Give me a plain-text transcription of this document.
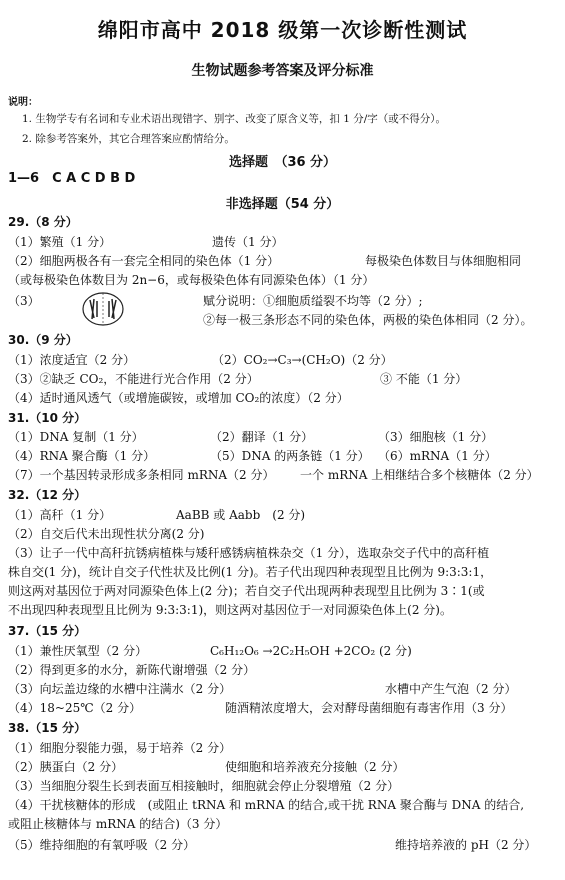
绵阳市高中 2018 级第一次诊断性测试
生物试题参考答案及评分标准
说明：
1. 生物学专有名词和专业术语出现错字、别字、改变了原含义等，扣 1 分/字（或不得分）。
2. 除参考答案外，其它合理答案应酌情给分。
选择题　（36 分）
1—6　C A C D B D
非选择题（54 分）
29.（8 分）
（1）繁殖（1 分）	遗传（1 分）
（2）细胞两极各有一套完全相同的染色体（1 分）	每极染色体数目与体细胞相同
（或每极染色体数目为 2n−6，或每极染色体有同源染色体）（1 分）
（3）	赋分说明：①细胞质缢裂不均等（2 分）;
②每一极三条形态不同的染色体，两极的染色体相同（2 分）。
30.（9 分）
（1）浓度适宜（2 分）	（2）CO₂→C₃→(CH₂O)（2 分）
（3）②缺乏 CO₂，不能进行光合作用（2 分）	③ 不能（1 分）
（4）适时通风透气（或增施碳铵，或增加 CO₂的浓度）（2 分）
31.（10 分）
（1）DNA 复制（1 分）	（2）翻译（1 分）	（3）细胞核（1 分）
（4）RNA 聚合酶（1 分）	（5）DNA 的两条链（1 分） （6）mRNA（1 分）
（7）一个基因转录形成多条相同 mRNA（2 分） 一个 mRNA 上相继结合多个核糖体（2 分）
32.（12 分）
（1）高秆（1 分）	AaBB 或 Aabb　(2 分)
（2）自交后代未出现性状分离(2 分)
（3）让子一代中高秆抗锈病植株与矮秆感锈病植株杂交（1 分），选取杂交子代中的高秆植
株自交(1 分)，统计自交子代性状及比例(1 分)。若子代出现四种表现型且比例为 9:3:3:1，
则这两对基因位于两对同源染色体上(2 分)；若自交子代出现两种表现型且比例为 3∶1(或
不出现四种表现型且比例为 9:3:3:1)，则这两对基因位于一对同源染色体上(2 分)。
37.（15 分）
（1）兼性厌氧型（2 分）	C₆H₁₂O₆ →2C₂H₅OH +2CO₂ (2 分)
（2）得到更多的水分，新陈代谢增强（2 分）
（3）向坛盖边缘的水槽中注满水（2 分）	水槽中产生气泡（2 分）
（4）18~25℃（2 分）	随酒精浓度增大，会对酵母菌细胞有毒害作用（3 分）
38.（15 分）
（1）细胞分裂能力强，易于培养（2 分）
（2）胰蛋白（2 分）	使细胞和培养液充分接触（2 分）
（3）当细胞分裂生长到表面互相接触时，细胞就会停止分裂增殖（2 分）
（4）干扰核糖体的形成　(或阻止 tRNA 和 mRNA 的结合,或干扰 RNA 聚合酶与 DNA 的结合,
或阻止核糖体与 mRNA 的结合)（3 分）
（5）维持细胞的有氧呼吸（2 分）	维持培养液的 pH（2 分）
